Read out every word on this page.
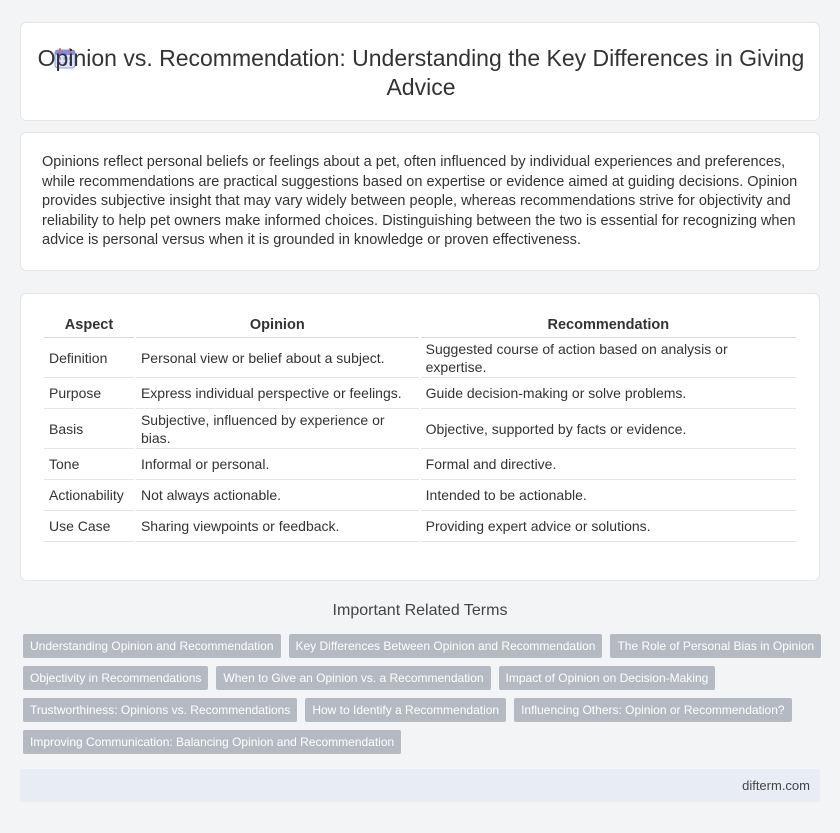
Opinion vs. Recommendation: Understanding the Key Differences in Giving Advice

Opinions reflect personal beliefs or feelings about a pet, often influenced by individual experiences and preferences, while recommendations are practical suggestions based on expertise or evidence aimed at guiding decisions. Opinion provides subjective insight that may vary widely between people, whereas recommendations strive for objectivity and reliability to help pet owners make informed choices. Distinguishing between the two is essential for recognizing when advice is personal versus when it is grounded in knowledge or proven effectiveness.

Aspect	Opinion	Recommendation
Definition	Personal view or belief about a subject.	Suggested course of action based on analysis or expertise.
Purpose	Express individual perspective or feelings.	Guide decision-making or solve problems.
Basis	Subjective, influenced by experience or bias.	Objective, supported by facts or evidence.
Tone	Informal or personal.	Formal and directive.
Actionability	Not always actionable.	Intended to be actionable.
Use Case	Sharing viewpoints or feedback.	Providing expert advice or solutions.
Important Related Terms
Understanding Opinion and Recommendation	Key Differences Between Opinion and Recommendation	The Role of Personal Bias in Opinion
Objectivity in Recommendations	When to Give an Opinion vs. a Recommendation	Impact of Opinion on Decision-Making
Trustworthiness: Opinions vs. Recommendations	How to Identify a Recommendation	Influencing Others: Opinion or Recommendation?
Improving Communication: Balancing Opinion and Recommendation
difterm.com
